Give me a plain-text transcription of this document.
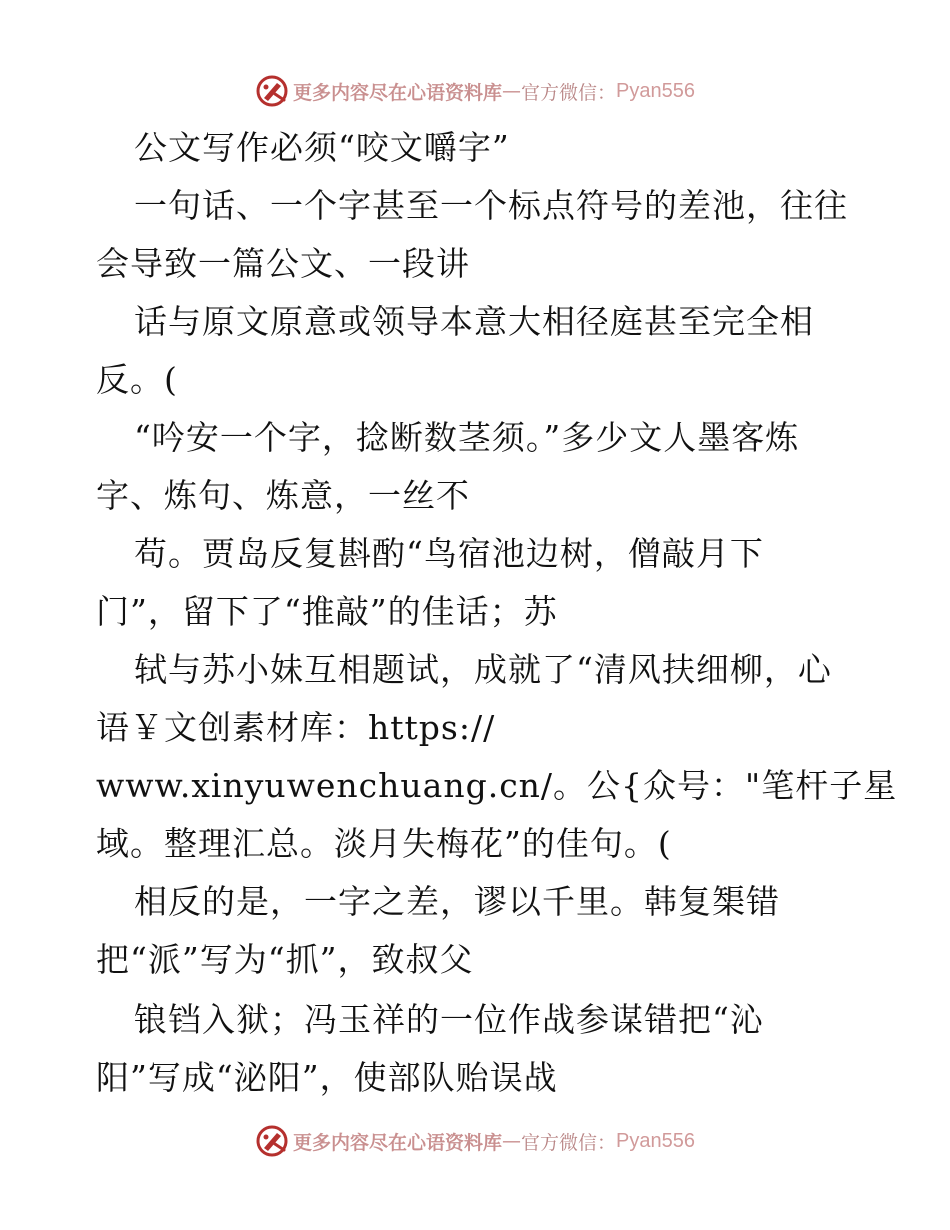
更多内容尽在心语资料库 — 官方微信： Pyan556
公文写作必须“咬文嚼字”
一句话、一个字甚至一个标点符号的差池，往往
会导致一篇公文、一段讲
话与原文原意或领导本意大相径庭甚至完全相
反。(
“吟安一个字，捻断数茎须。”多少文人墨客炼
字、炼句、炼意，一丝不
苟。贾岛反复斟酌“鸟宿池边树，僧敲月下
门”，留下了“推敲”的佳话；苏
轼与苏小妹互相题试，成就了“清风扶细柳，心
语￥文创素材库：https://
www.xinyuwenchuang.cn/。公{众号："笔杆子星
域。整理汇总。淡月失梅花”的佳句。(
相反的是，一字之差，谬以千里。韩复榘错
把“派”写为“抓”，致叔父
锒铛入狱；冯玉祥的一位作战参谋错把“沁
阳”写成“泌阳”，使部队贻误战
更多内容尽在心语资料库 — 官方微信： Pyan556
